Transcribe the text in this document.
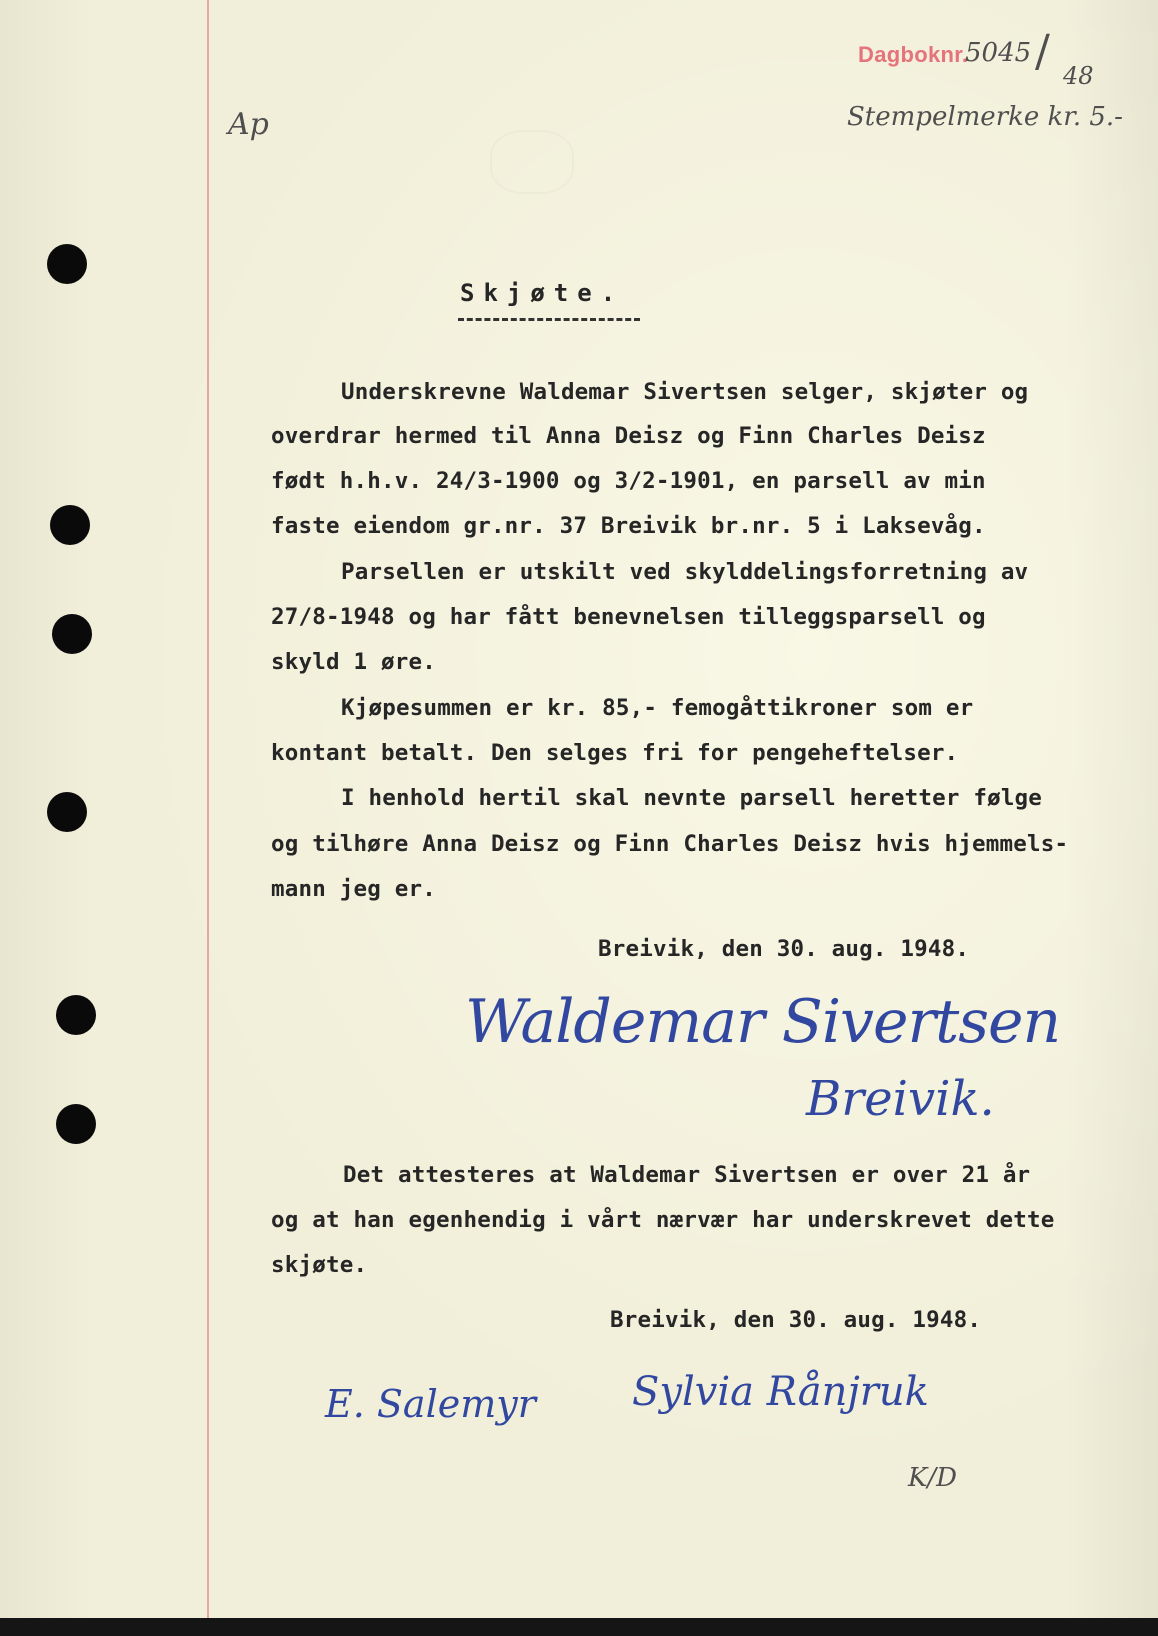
Dagboknr.
5045 / 48
Stempelmerke kr. 5.-
Ap
Skjøte.
Underskrevne Waldemar Sivertsen selger, skjøter og
overdrar hermed til Anna Deisz og Finn Charles Deisz
født h.h.v. 24/3-1900 og 3/2-1901, en parsell av min
faste eiendom gr.nr. 37 Breivik br.nr. 5 i Laksevåg.
Parsellen er utskilt ved skylddelingsforretning av
27/8-1948 og har fått benevnelsen tilleggsparsell og
skyld 1 øre.
Kjøpesummen er kr. 85,- femogåttikroner som er
kontant betalt. Den selges fri for pengeheftelser.
I henhold hertil skal nevnte parsell heretter følge
og tilhøre Anna Deisz og Finn Charles Deisz hvis hjemmels-
mann jeg er.
Breivik, den 30. aug. 1948.
Waldemar Sivertsen
Breivik.
Det attesteres at Waldemar Sivertsen er over 21 år
og at han egenhendig i vårt nærvær har underskrevet dette
skjøte.
Breivik, den 30. aug. 1948.
E. Salemyr Sylvia Rånjruk
K/D
